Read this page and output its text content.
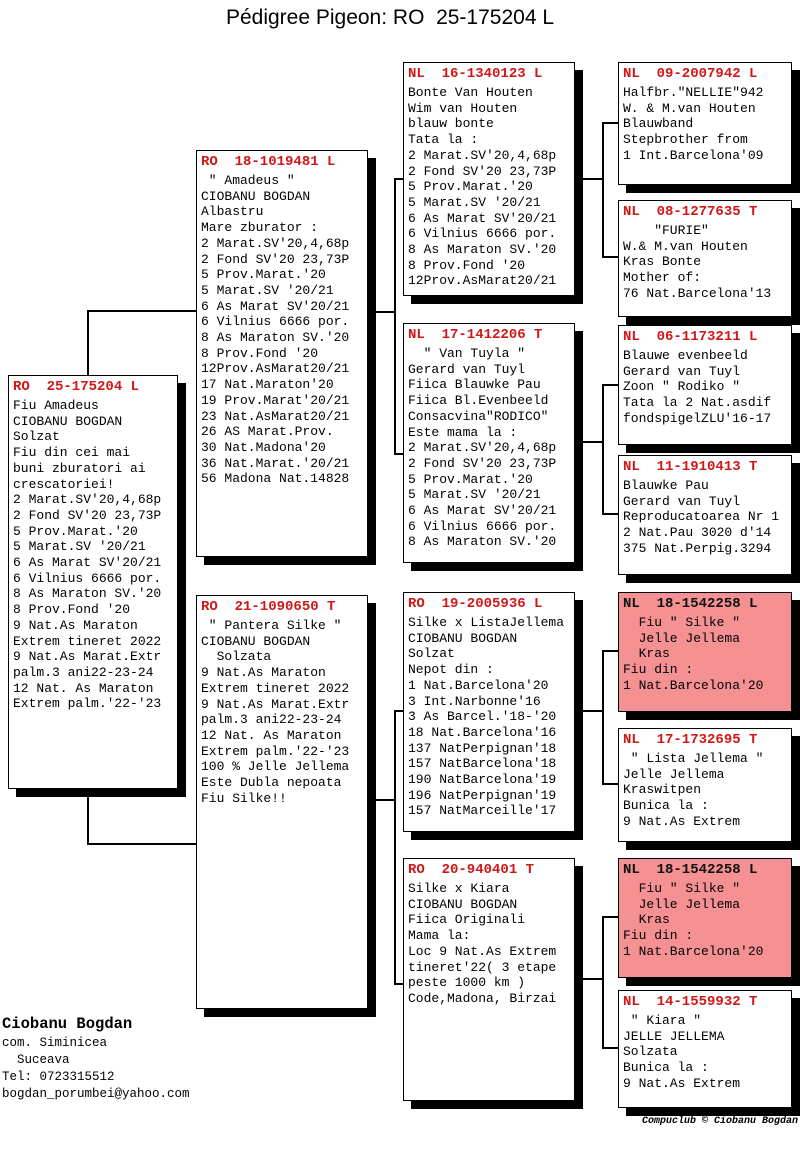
Pédigree Pigeon: RO  25-175204 L
RO  25-175204 L
Fiu Amadeus
CIOBANU BOGDAN
Solzat
Fiu din cei mai
buni zburatori ai
crescatoriei!
2 Marat.SV'20,4,68p
2 Fond SV'20 23,73P
5 Prov.Marat.'20
5 Marat.SV '20/21
6 As Marat SV'20/21
6 Vilnius 6666 por.
8 As Maraton SV.'20
8 Prov.Fond '20
9 Nat.As Maraton
Extrem tineret 2022
9 Nat.As Marat.Extr
palm.3 ani22-23-24
12 Nat. As Maraton
Extrem palm.'22-'23
RO  18-1019481 L
" Amadeus "
CIOBANU BOGDAN
Albastru
Mare zburator :
2 Marat.SV'20,4,68p
2 Fond SV'20 23,73P
5 Prov.Marat.'20
5 Marat.SV '20/21
6 As Marat SV'20/21
6 Vilnius 6666 por.
8 As Maraton SV.'20
8 Prov.Fond '20
12Prov.AsMarat20/21
17 Nat.Maraton'20
19 Prov.Marat'20/21
23 Nat.AsMarat20/21
26 AS Marat.Prov.
30 Nat.Madona'20
36 Nat.Marat.'20/21
56 Madona Nat.14828
RO  21-1090650 T
" Pantera Silke "
CIOBANU BOGDAN
Solzata
9 Nat.As Maraton
Extrem tineret 2022
9 Nat.As Marat.Extr
palm.3 ani22-23-24
12 Nat. As Maraton
Extrem palm.'22-'23
100 % Jelle Jellema
Este Dubla nepoata
Fiu Silke!!
NL  16-1340123 L
Bonte Van Houten
Wim van Houten
blauw bonte
Tata la :
2 Marat.SV'20,4,68p
2 Fond SV'20 23,73P
5 Prov.Marat.'20
5 Marat.SV '20/21
6 As Marat SV'20/21
6 Vilnius 6666 por.
8 As Maraton SV.'20
8 Prov.Fond '20
12Prov.AsMarat20/21
NL  17-1412206 T
" Van Tuyla "
Gerard van Tuyl
Fiica Blauwke Pau
Fiica Bl.Evenbeeld
Consacvina"RODICO"
Este mama la :
2 Marat.SV'20,4,68p
2 Fond SV'20 23,73P
5 Prov.Marat.'20
5 Marat.SV '20/21
6 As Marat SV'20/21
6 Vilnius 6666 por.
8 As Maraton SV.'20
RO  19-2005936 L
Silke x ListaJellema
CIOBANU BOGDAN
Solzat
Nepot din :
1 Nat.Barcelona'20
3 Int.Narbonne'16
3 As Barcel.'18-'20
18 Nat.Barcelona'16
137 NatPerpignan'18
157 NatBarcelona'18
190 NatBarcelona'19
196 NatPerpignan'19
157 NatMarceille'17
RO  20-940401 T
Silke x Kiara
CIOBANU BOGDAN
Fiica Originali
Mama la:
Loc 9 Nat.As Extrem
tineret'22( 3 etape
peste 1000 km )
Code,Madona, Birzai
NL  09-2007942 L
Halfbr."NELLIE"942
W. & M.van Houten
Blauwband
Stepbrother from
1 Int.Barcelona'09
NL  08-1277635 T
"FURIE"
W.& M.van Houten
Kras Bonte
Mother of:
76 Nat.Barcelona'13
NL  06-1173211 L
Blauwe evenbeeld
Gerard van Tuyl
Zoon " Rodiko "
Tata la 2 Nat.asdif
fondspigelZLU'16-17
NL  11-1910413 T
Blauwke Pau
Gerard van Tuyl
Reproducatoarea Nr 1
2 Nat.Pau 3020 d'14
375 Nat.Perpig.3294
NL  18-1542258 L
Fiu " Silke "
Jelle Jellema
Kras
Fiu din :
1 Nat.Barcelona'20
NL  17-1732695 T
" Lista Jellema "
Jelle Jellema
Kraswitpen
Bunica la :
9 Nat.As Extrem
NL  18-1542258 L
Fiu " Silke "
Jelle Jellema
Kras
Fiu din :
1 Nat.Barcelona'20
NL  14-1559932 T
" Kiara "
JELLE JELLEMA
Solzata
Bunica la :
9 Nat.As Extrem
Ciobanu Bogdan
com. Siminicea
Suceava
Tel: 0723315512
bogdan_porumbei@yahoo.com
Compuclub © Ciobanu Bogdan
